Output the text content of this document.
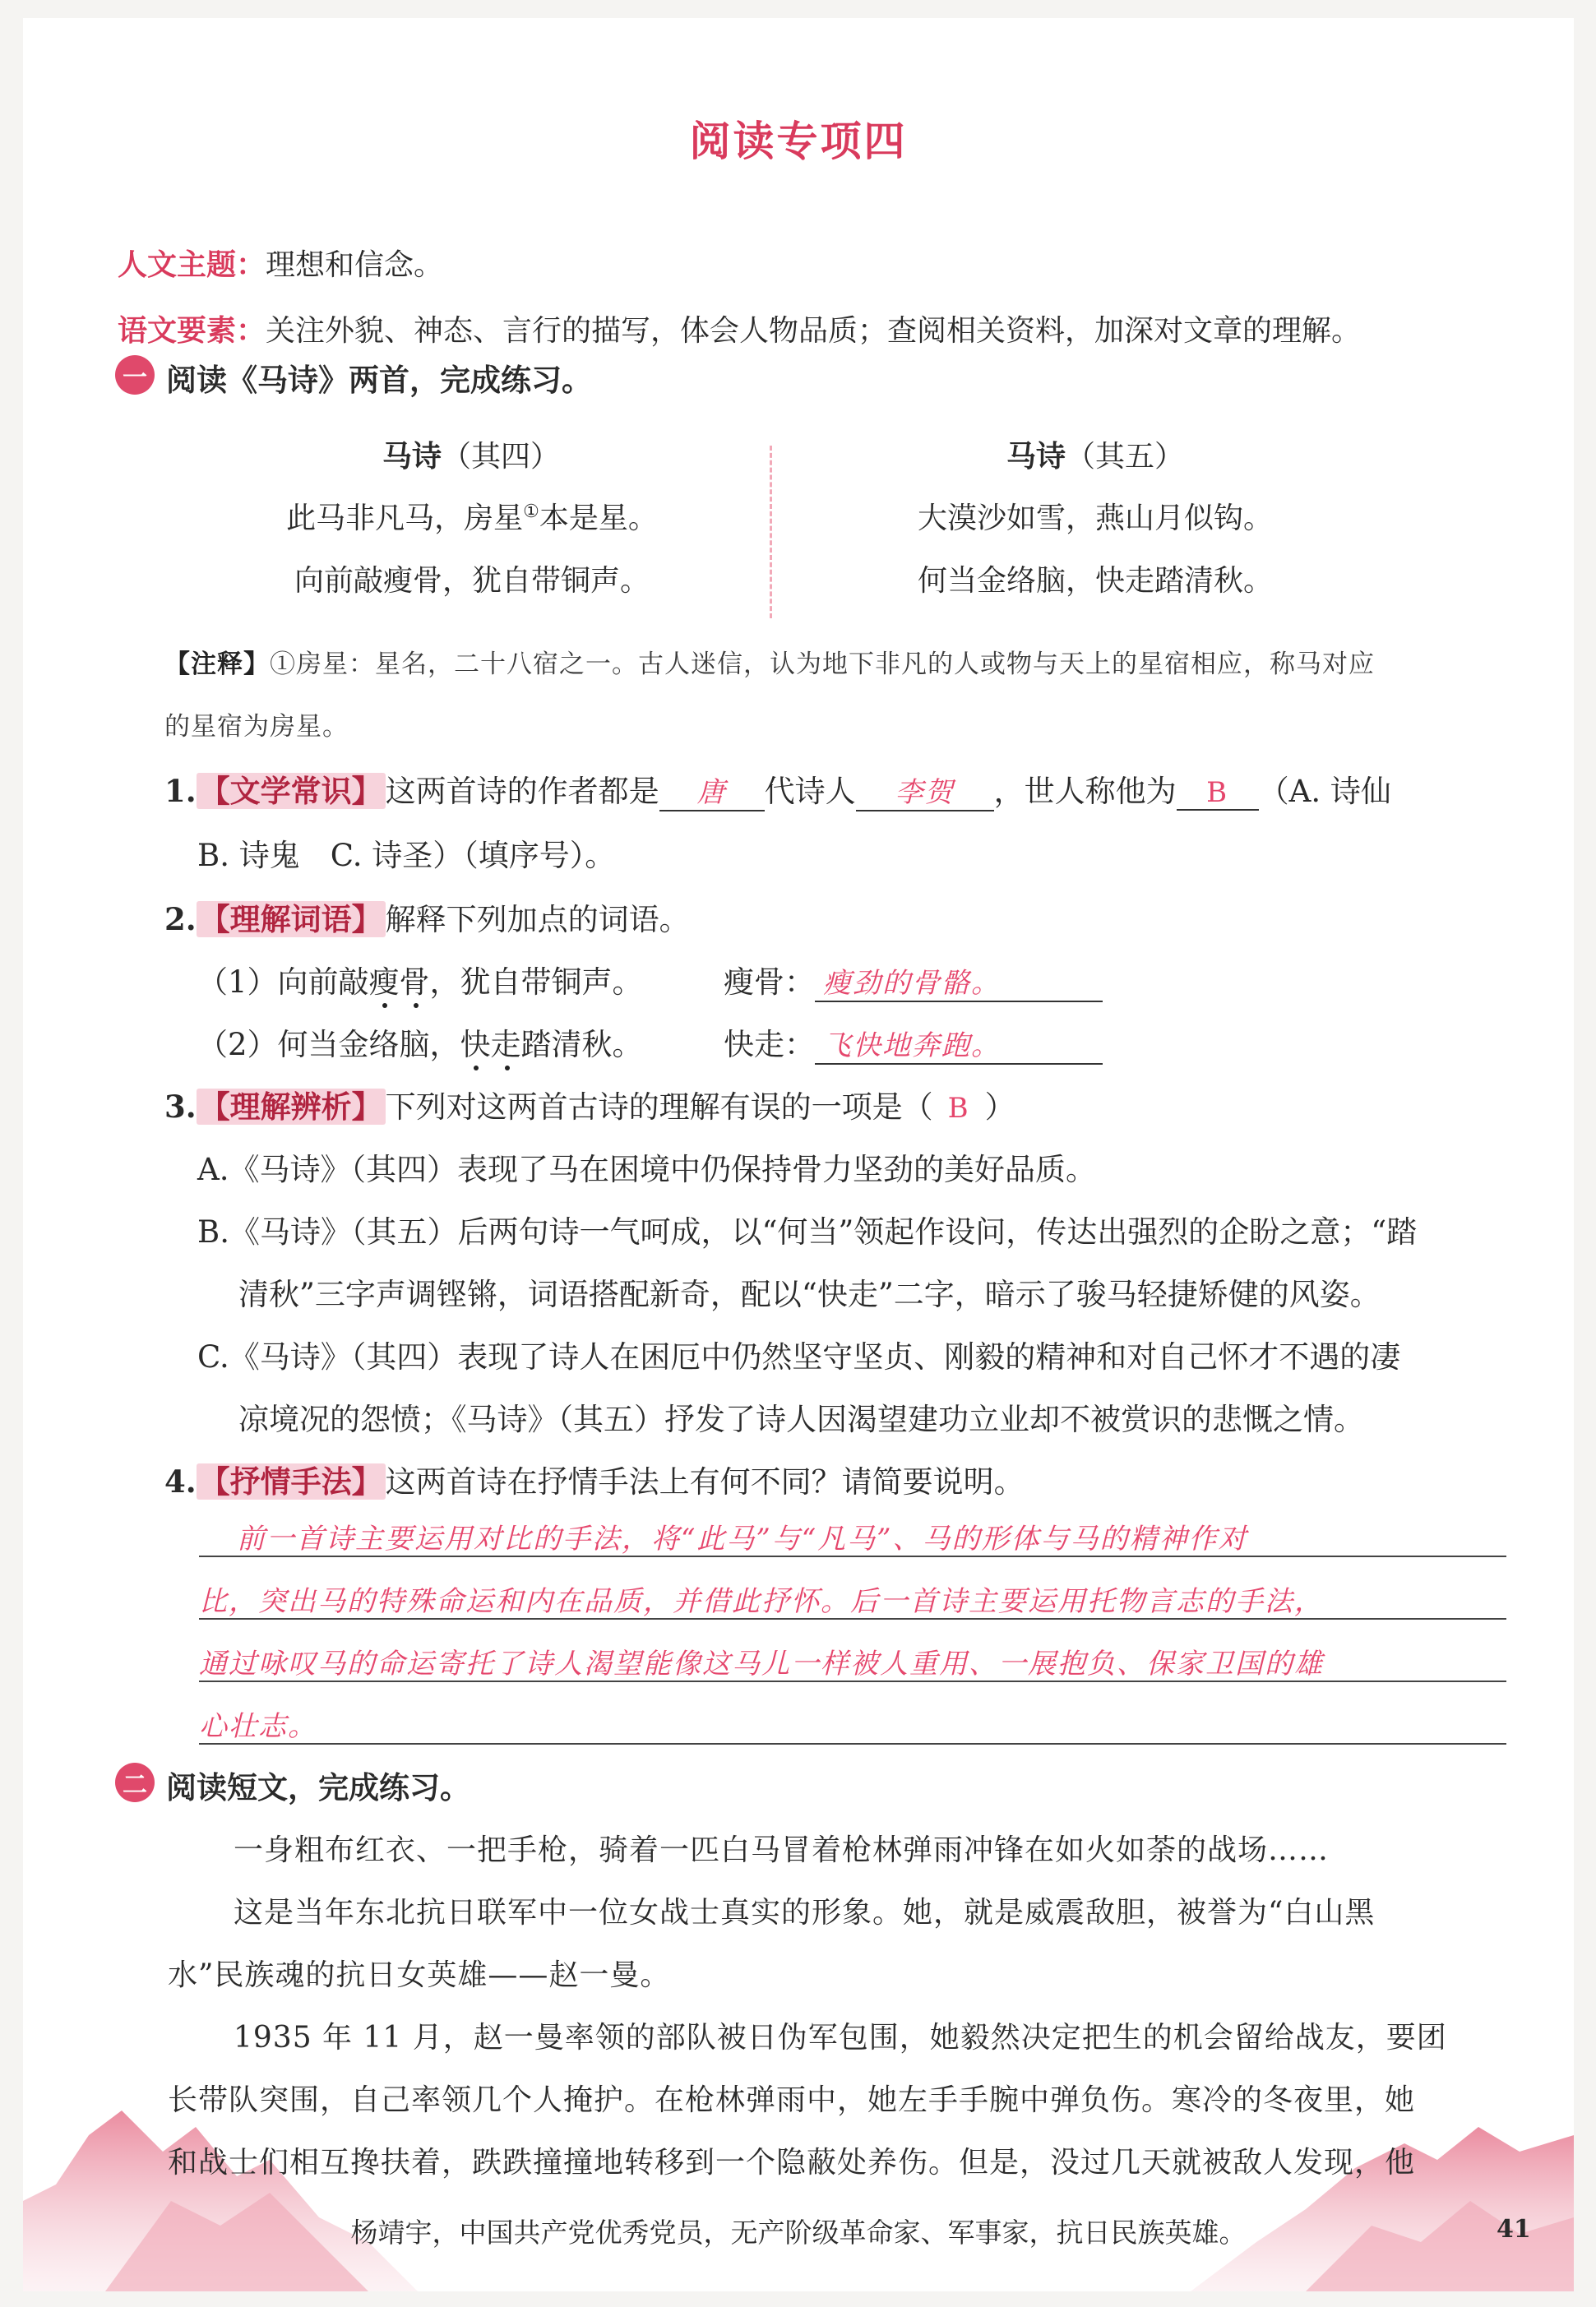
阅读专项四
人文主题：理想和信念。
语文要素：关注外貌、神态、言行的描写，体会人物品质；查阅相关资料，加深对文章的理解。
一 阅读《马诗》两首，完成练习。
马诗（其四）
此马非凡马，房星①本是星。
向前敲瘦骨，犹自带铜声。
马诗（其五）
大漠沙如雪，燕山月似钩。
何当金络脑，快走踏清秋。
【注释】①房星：星名，二十八宿之一。古人迷信，认为地下非凡的人或物与天上的星宿相应，称马对应
的星宿为房星。
1. 【文学常识】 这两首诗的作者都是 唐 代诗人 李贺 ，世人称他为 B （A. 诗仙
B. 诗鬼　C. 诗圣）（填序号）。
2. 【理解词语】 解释下列加点的词语。
（1）向前敲瘦骨
，犹自带铜声。	瘦骨： 瘦劲的骨骼。
（2）何当金络脑，快走
踏清秋。	快走： 飞快地奔跑。
3. 【理解辨析】 下列对这两首古诗的理解有误的一项是（ B ）
A.《马诗》（其四）表现了马在困境中仍保持骨力坚劲的美好品质。
B.《马诗》（其五）后两句诗一气呵成，以“何当”领起作设问，传达出强烈的企盼之意；“踏
清秋”三字声调铿锵，词语搭配新奇，配以“快走”二字，暗示了骏马轻捷矫健的风姿。
C.《马诗》（其四）表现了诗人在困厄中仍然坚守坚贞、刚毅的精神和对自己怀才不遇的凄
凉境况的怨愤；《马诗》（其五）抒发了诗人因渴望建功立业却不被赏识的悲慨之情。
4. 【抒情手法】 这两首诗在抒情手法上有何不同？请简要说明。
前一首诗主要运用对比的手法，将“此马”与“凡马”、马的形体与马的精神作对
比，突出马的特殊命运和内在品质，并借此抒怀。后一首诗主要运用托物言志的手法，
通过咏叹马的命运寄托了诗人渴望能像这马儿一样被人重用、一展抱负、保家卫国的雄
心壮志。
二 阅读短文，完成练习。
一身粗布红衣、一把手枪，骑着一匹白马冒着枪林弹雨冲锋在如火如荼的战场……
这是当年东北抗日联军中一位女战士真实的形象。她，就是威震敌胆，被誉为“白山黑
水”民族魂的抗日女英雄——赵一曼。
1935 年 11 月，赵一曼率领的部队被日伪军包围，她毅然决定把生的机会留给战友，要团
长带队突围，自己率领几个人掩护。在枪林弹雨中，她左手手腕中弹负伤。寒冷的冬夜里，她
和战士们相互搀扶着，跌跌撞撞地转移到一个隐蔽处养伤。但是，没过几天就被敌人发现，他
杨靖宇，中国共产党优秀党员，无产阶级革命家、军事家，抗日民族英雄。	41
